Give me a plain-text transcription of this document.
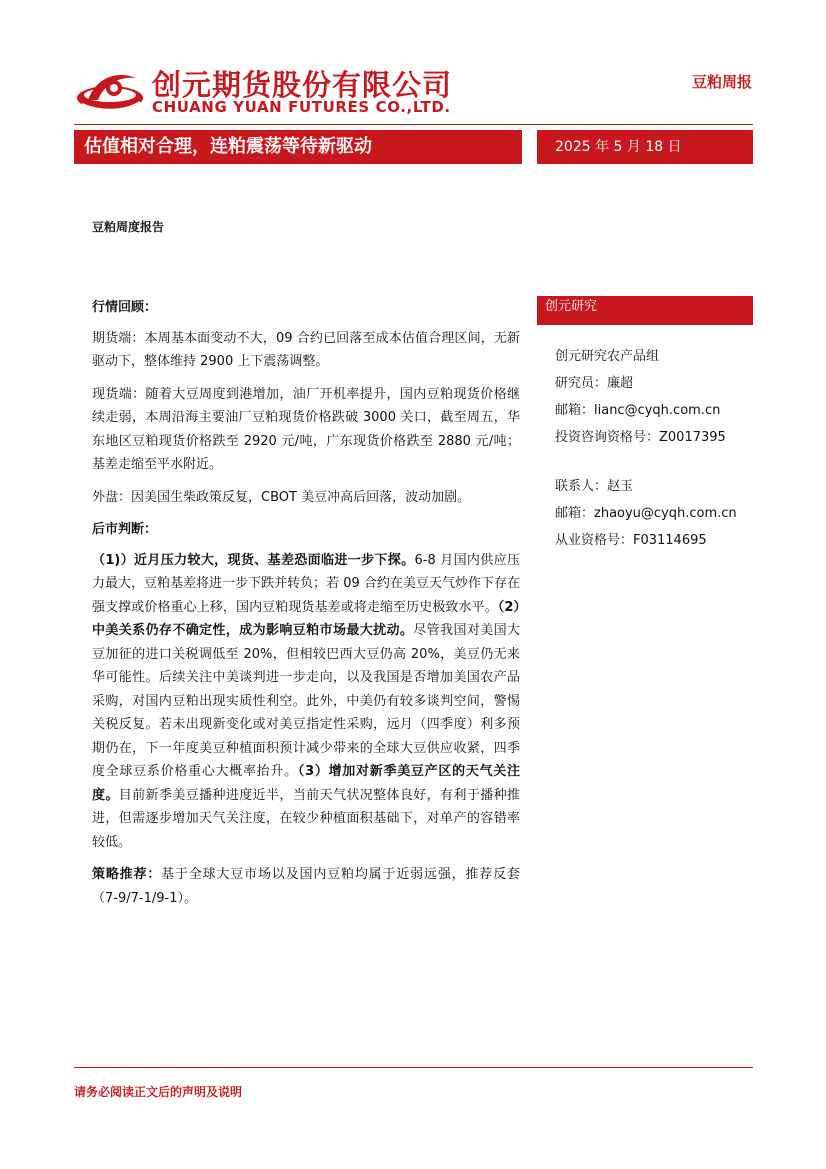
创元期货股份有限公司
CHUANG YUAN FUTURES CO.,LTD.
豆粕周报
估值相对合理，连粕震荡等待新驱动	2025 年 5 月 18 日
豆粕周度报告
行情回顾：

期货端：本周基本面变动不大，09 合约已回落至成本估值合理区间，无新驱动下，整体维持 2900 上下震荡调整。

现货端：随着大豆周度到港增加，油厂开机率提升，国内豆粕现货价格继续走弱，本周沿海主要油厂豆粕现货价格跌破 3000 关口，截至周五，华东地区豆粕现货价格跌至 2920 元/吨，广东现货价格跌至 2880 元/吨；基差走缩至平水附近。

外盘：因美国生柴政策反复，CBOT 美豆冲高后回落，波动加剧。

后市判断：

（1)）近月压力较大，现货、基差恐面临进一步下探。6-8 月国内供应压力最大，豆粕基差将进一步下跌并转负；若 09 合约在美豆天气炒作下存在强支撑或价格重心上移，国内豆粕现货基差或将走缩至历史极致水平。（2）中美关系仍存不确定性，成为影响豆粕市场最大扰动。尽管我国对美国大豆加征的进口关税调低至 20%，但相较巴西大豆仍高 20%，美豆仍无来华可能性。后续关注中美谈判进一步走向，以及我国是否增加美国农产品采购，对国内豆粕出现实质性利空。此外，中美仍有较多谈判空间，警惕关税反复。若未出现新变化或对美豆指定性采购，远月（四季度）利多预期仍在，下一年度美豆种植面积预计减少带来的全球大豆供应收紧，四季度全球豆系价格重心大概率抬升。（3）增加对新季美豆产区的天气关注度。目前新季美豆播种进度近半，当前天气状况整体良好，有利于播种推进，但需逐步增加天气关注度，在较少种植面积基础下，对单产的容错率较低。

策略推荐：基于全球大豆市场以及国内豆粕均属于近弱远强，推荐反套（7-9/7-1/9-1）。

创元研究
创元研究农产品组
研究员：廉超
邮箱：lianc@cyqh.com.cn
投资咨询资格号：Z0017395
联系人：赵玉
邮箱：zhaoyu@cyqh.com.cn
从业资格号：F03114695
请务必阅读正文后的声明及说明
